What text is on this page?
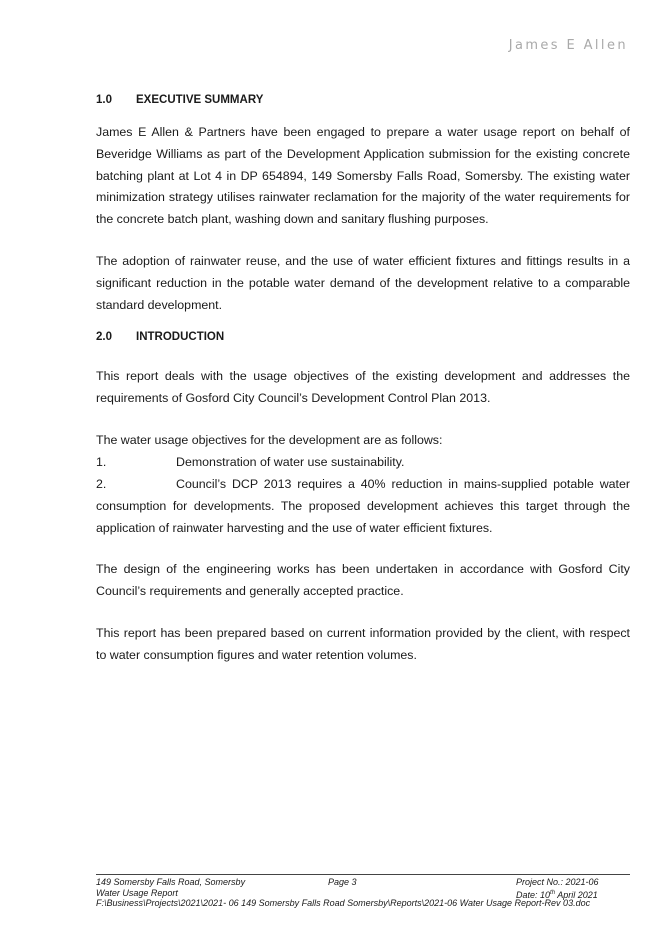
James E Allen
1.0 EXECUTIVE SUMMARY

James E Allen & Partners have been engaged to prepare a water usage report on behalf of Beveridge Williams as part of the Development Application submission for the existing concrete batching plant at Lot 4 in DP 654894, 149 Somersby Falls Road, Somersby. The existing water minimization strategy utilises rainwater reclamation for the majority of the water requirements for the concrete batch plant, washing down and sanitary flushing purposes.

The adoption of rainwater reuse, and the use of water efficient fixtures and fittings results in a significant reduction in the potable water demand of the development relative to a comparable standard development.

2.0 INTRODUCTION

This report deals with the usage objectives of the existing development and addresses the requirements of Gosford City Council’s Development Control Plan 2013.

The water usage objectives for the development are as follows:

1.	Demonstration of water use sustainability.
2.	Council’s DCP 2013 requires a 40% reduction in mains-supplied potable water

consumption for developments. The proposed development achieves this target through the application of rainwater harvesting and the use of water efficient fixtures.

The design of the engineering works has been undertaken in accordance with Gosford City Council’s requirements and generally accepted practice.

This report has been prepared based on current information provided by the client, with respect to water consumption figures and water retention volumes.

149 Somersby Falls Road, Somersby	Page 3	Project No.: 2021-06
Water Usage Report	Date: 10th April 2021
F:\Business\Projects\2021\2021- 06 149 Somersby Falls Road Somersby\Reports\2021-06 Water Usage Report-Rev 03.doc
